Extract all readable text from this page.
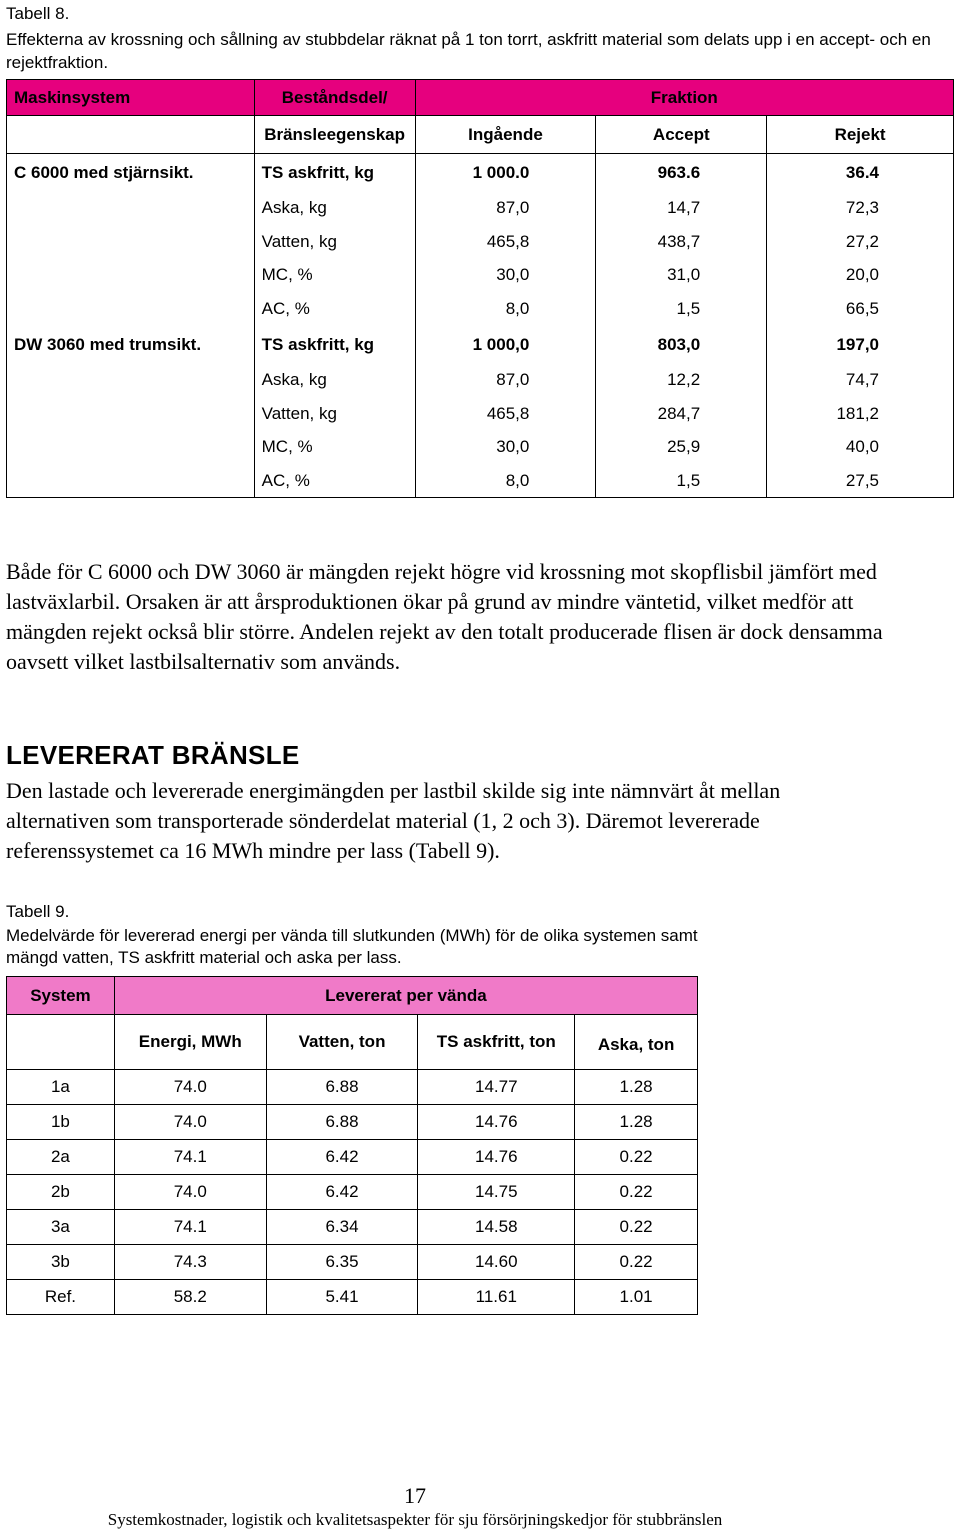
Tabell 8.
Effekterna av krossning och sållning av stubbdelar räknat på 1 ton torrt, askfritt material som delats upp i en accept- och en rejektfraktion.
Maskinsystem	Beståndsdel/	Fraktion		
	Bränsleegenskap	Ingående	Accept	Rejekt
C 6000 med stjärnsikt.	TS askfritt, kg	1 000.0	963.6	36.4
	Aska, kg	87,0	14,7	72,3
	Vatten, kg	465,8	438,7	27,2
	MC, %	30,0	31,0	20,0
	AC, %	8,0	1,5	66,5
DW 3060 med trumsikt.	TS askfritt, kg	1 000,0	803,0	197,0
	Aska, kg	87,0	12,2	74,7
	Vatten, kg	465,8	284,7	181,2
	MC, %	30,0	25,9	40,0
	AC, %	8,0	1,5	27,5
Både för C 6000 och DW 3060 är mängden rejekt högre vid krossning mot skopflisbil jämfört med lastväxlarbil. Orsaken är att årsproduktionen ökar på grund av mindre väntetid, vilket medför att mängden rejekt också blir större. Andelen rejekt av den totalt producerade flisen är dock densamma oavsett vilket lastbilsalternativ som används.
LEVERERAT BRÄNSLE
Den lastade och levererade energimängden per lastbil skilde sig inte nämnvärt åt mellan alternativen som transporterade sönderdelat material (1, 2 och 3). Däremot levererade referenssystemet ca 16 MWh mindre per lass (Tabell 9).
Tabell 9.
Medelvärde för levererad energi per vända till slutkunden (MWh) för de olika systemen samt mängd vatten, TS askfritt material och aska per lass.
System	Levererat per vända			
	Energi, MWh	Vatten, ton	TS askfritt, ton	Aska, ton
1a	74.0	6.88	14.77	1.28
1b	74.0	6.88	14.76	1.28
2a	74.1	6.42	14.76	0.22
2b	74.0	6.42	14.75	0.22
3a	74.1	6.34	14.58	0.22
3b	74.3	6.35	14.60	0.22
Ref.	58.2	5.41	11.61	1.01
17
Systemkostnader, logistik och kvalitetsaspekter för sju försörjningskedjor för stubbränslen
